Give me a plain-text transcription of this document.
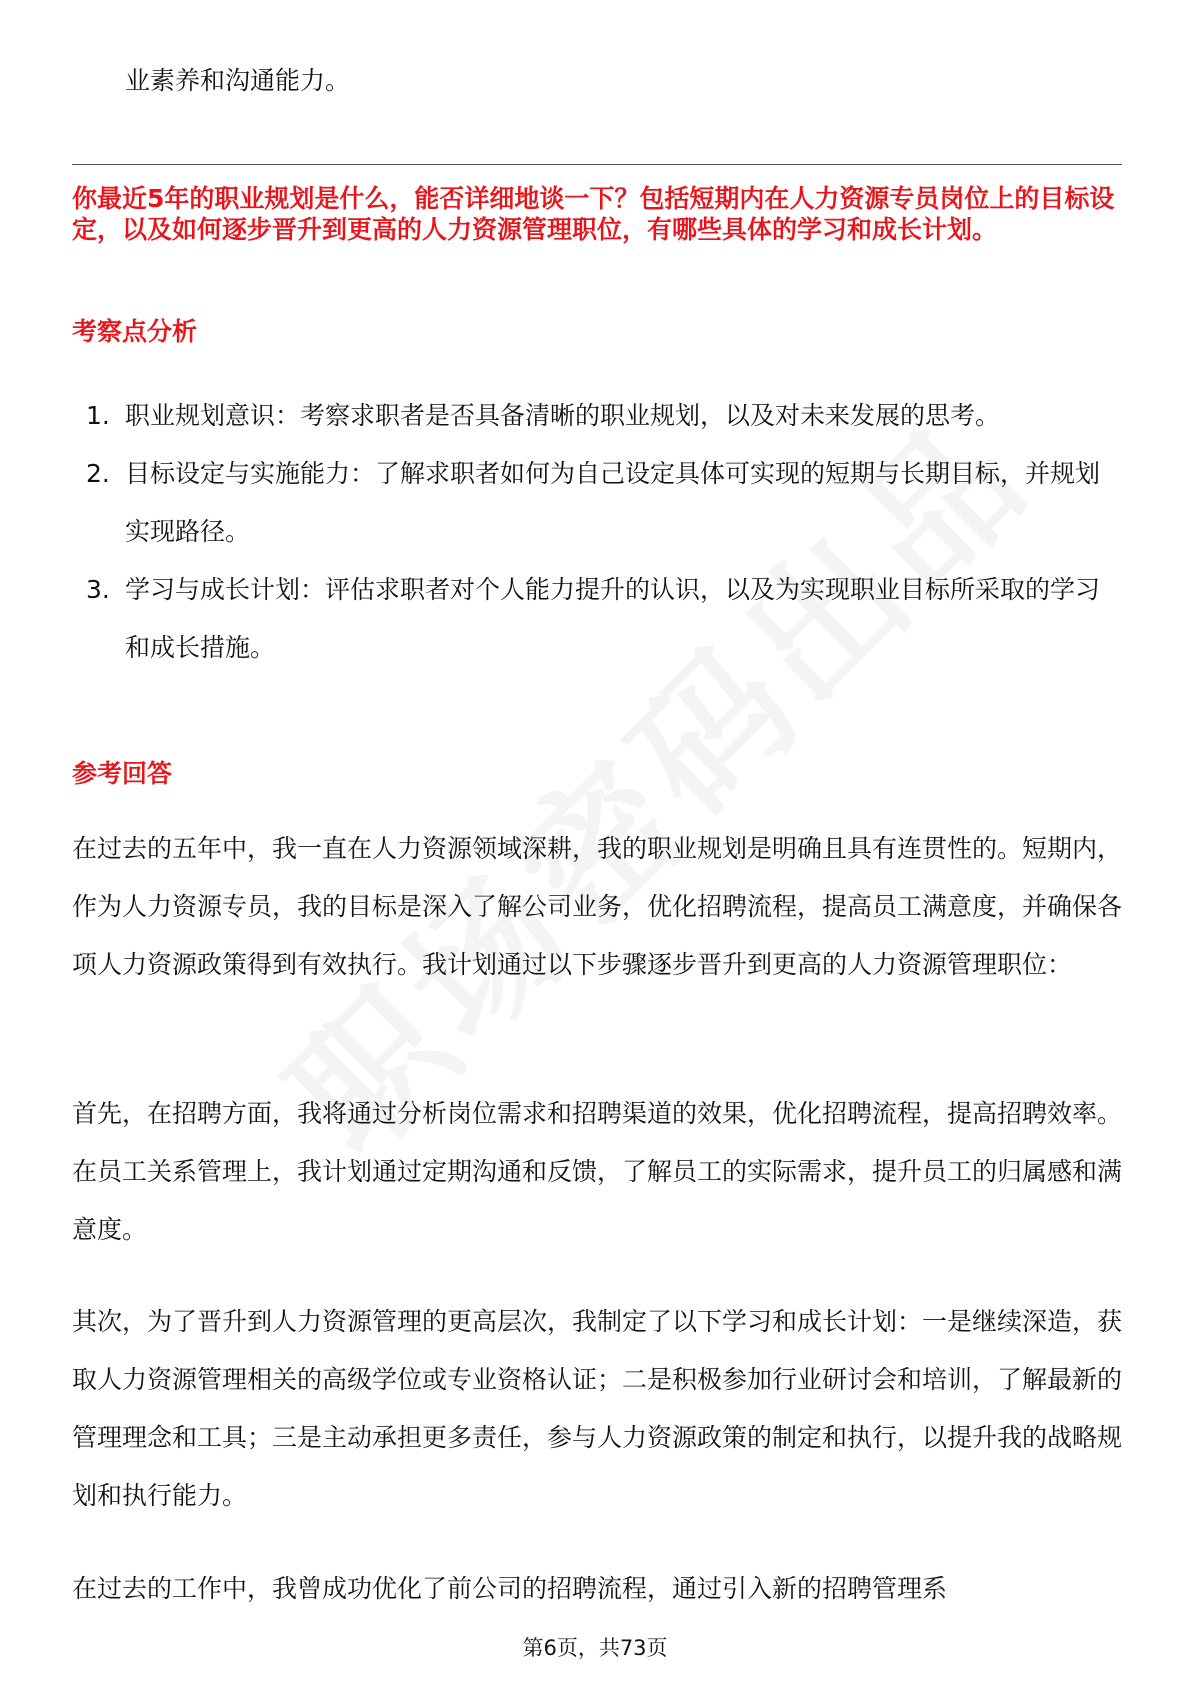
业素养和沟通能力。

你最近5年的职业规划是什么，能否详细地谈一下？包括短期内在人力资源专员岗位上的目标设定，以及如何逐步晋升到更高的人力资源管理职位，有哪些具体的学习和成长计划。

考察点分析
1. 职业规划意识：考察求职者是否具备清晰的职业规划，以及对未来发展的思考。
2. 目标设定与实施能力：了解求职者如何为自己设定具体可实现的短期与长期目标，并规划实现路径。
3. 学习与成长计划：评估求职者对个人能力提升的认识，以及为实现职业目标所采取的学习和成长措施。
参考回答

在过去的五年中，我一直在人力资源领域深耕，我的职业规划是明确且具有连贯性的。短期内，作为人力资源专员，我的目标是深入了解公司业务，优化招聘流程，提高员工满意度，并确保各项人力资源政策得到有效执行。我计划通过以下步骤逐步晋升到更高的人力资源管理职位：

首先，在招聘方面，我将通过分析岗位需求和招聘渠道的效果，优化招聘流程，提高招聘效率。在员工关系管理上，我计划通过定期沟通和反馈，了解员工的实际需求，提升员工的归属感和满意度。

其次，为了晋升到人力资源管理的更高层次，我制定了以下学习和成长计划：一是继续深造，获取人力资源管理相关的高级学位或专业资格认证；二是积极参加行业研讨会和培训，了解最新的管理理念和工具；三是主动承担更多责任，参与人力资源政策的制定和执行，以提升我的战略规划和执行能力。

在过去的工作中，我曾成功优化了前公司的招聘流程，通过引入新的招聘管理系

第6页，共73页
